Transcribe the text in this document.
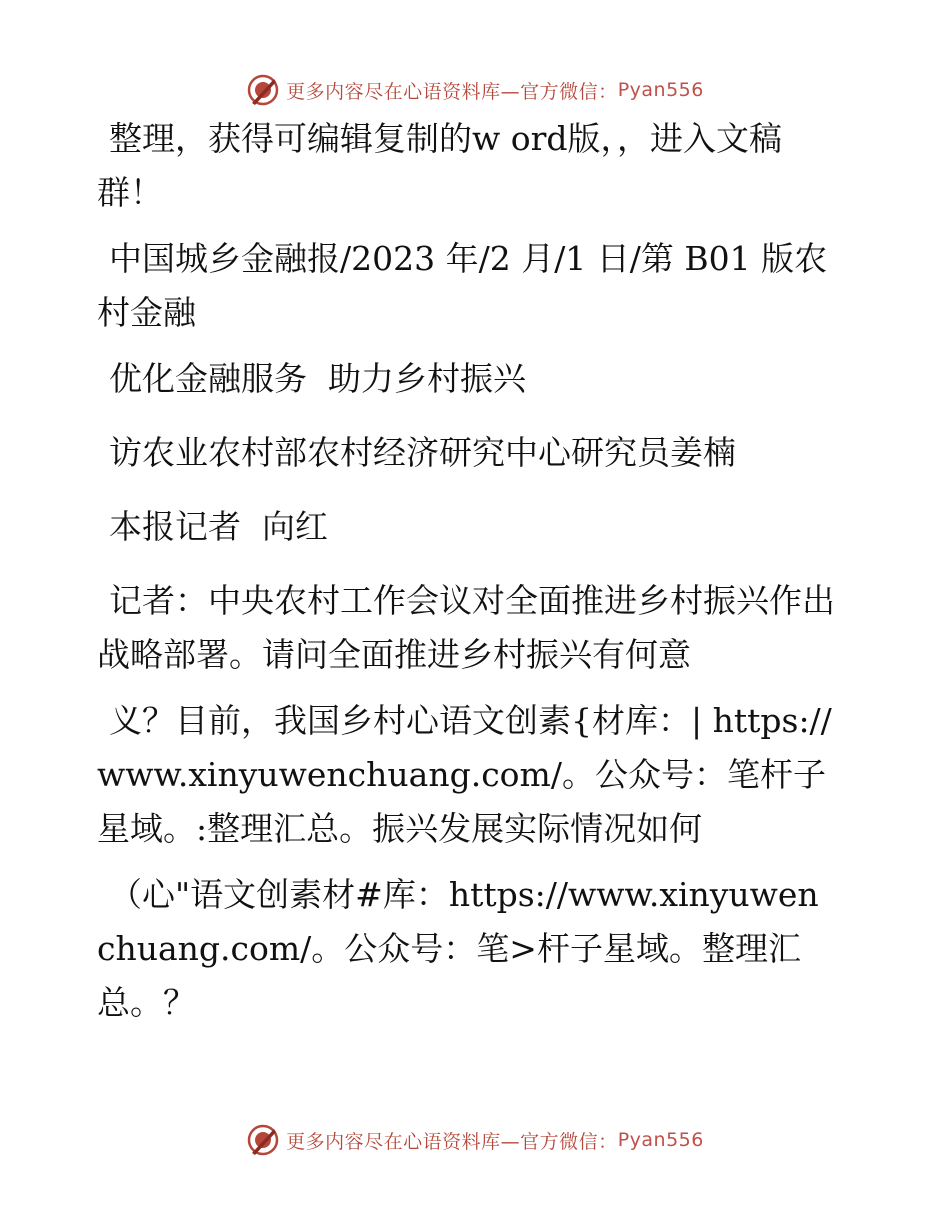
更多内容尽在心语资料库— 官方微信： Pyan556

整理，获得可编辑复制的w ord版，，进入文稿群！

中国城乡金融报/2023 年/2 月/1 日/第 B01 版农村金融

优化金融服务  助力乡村振兴

访农业农村部农村经济研究中心研究员姜楠

本报记者  向红

记者：中央农村工作会议对全面推进乡村振兴作出战略部署。请问全面推进乡村振兴有何意

义？目前，我国乡村心语文创素{材库：| https://www.xinyuwenchuang.com/。公众号：笔杆子星域。:整理汇总。振兴发展实际情况如何

（心"语文创素材#库：https://www.xinyuwenchuang.com/。公众号：笔>杆子星域。整理汇总。？

更多内容尽在心语资料库— 官方微信： Pyan556
